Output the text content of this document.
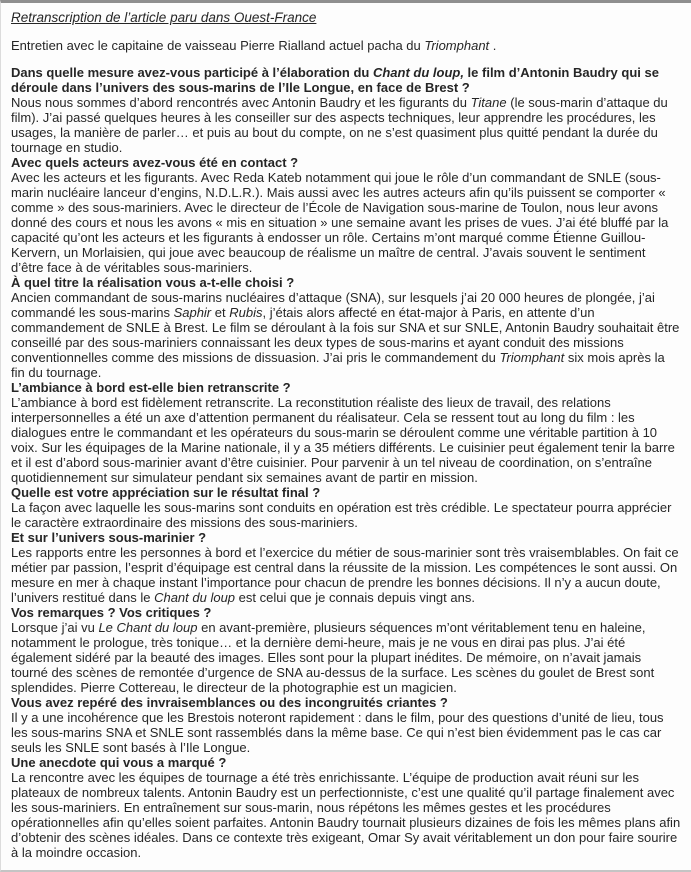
Retranscription de l’article paru dans Ouest-France

Entretien avec le capitaine de vaisseau Pierre Rialland actuel pacha du Triomphant .

Dans quelle mesure avez-vous participé à l’élaboration du Chant du loup, le film d’Antonin Baudry qui se déroule dans l’univers des sous-marins de l’Ile Longue, en face de Brest ?

Nous nous sommes d’abord rencontrés avec Antonin Baudry et les figurants du Titane (le sous-marin d’attaque du film). J’ai passé quelques heures à les conseiller sur des aspects techniques, leur apprendre les procédures, les usages, la manière de parler… et puis au bout du compte, on ne s’est quasiment plus quitté pendant la durée du tournage en studio.

Avec quels acteurs avez-vous été en contact ?

Avec les acteurs et les figurants. Avec Reda Kateb notamment qui joue le rôle d’un commandant de SNLE (sous-marin nucléaire lanceur d’engins, N.D.L.R.). Mais aussi avec les autres acteurs afin qu’ils puissent se comporter « comme » des sous-mariniers. Avec le directeur de l’École de Navigation sous-marine de Toulon, nous leur avons donné des cours et nous les avons « mis en situation » une semaine avant les prises de vues. J’ai été bluffé par la capacité qu’ont les acteurs et les figurants à endosser un rôle. Certains m’ont marqué comme Étienne Guillou-Kervern, un Morlaisien, qui joue avec beaucoup de réalisme un maître de central. J’avais souvent le sentiment d’être face à de véritables sous-mariniers.

À quel titre la réalisation vous a-t-elle choisi ?

Ancien commandant de sous-marins nucléaires d’attaque (SNA), sur lesquels j’ai 20 000 heures de plongée, j’ai commandé les sous-marins Saphir et Rubis, j’étais alors affecté en état-major à Paris, en attente d’un commandement de SNLE à Brest. Le film se déroulant à la fois sur SNA et sur SNLE, Antonin Baudry souhaitait être conseillé par des sous-mariniers connaissant les deux types de sous-marins et ayant conduit des missions conventionnelles comme des missions de dissuasion. J’ai pris le commandement du Triomphant six mois après la fin du tournage.

L’ambiance à bord est-elle bien retranscrite ?

L’ambiance à bord est fidèlement retranscrite. La reconstitution réaliste des lieux de travail, des relations interpersonnelles a été un axe d’attention permanent du réalisateur. Cela se ressent tout au long du film : les dialogues entre le commandant et les opérateurs du sous-marin se déroulent comme une véritable partition à 10 voix. Sur les équipages de la Marine nationale, il y a 35 métiers différents. Le cuisinier peut également tenir la barre et il est d’abord sous-marinier avant d’être cuisinier. Pour parvenir à un tel niveau de coordination, on s’entraîne quotidiennement sur simulateur pendant six semaines avant de partir en mission.

Quelle est votre appréciation sur le résultat final ?

La façon avec laquelle les sous-marins sont conduits en opération est très crédible. Le spectateur pourra apprécier le caractère extraordinaire des missions des sous-mariniers.

Et sur l’univers sous-marinier ?

Les rapports entre les personnes à bord et l’exercice du métier de sous-marinier sont très vraisemblables. On fait ce métier par passion, l’esprit d’équipage est central dans la réussite de la mission. Les compétences le sont aussi. On mesure en mer à chaque instant l’importance pour chacun de prendre les bonnes décisions. Il n’y a aucun doute, l’univers restitué dans le Chant du loup est celui que je connais depuis vingt ans.

Vos remarques ? Vos critiques ?

Lorsque j’ai vu Le Chant du loup en avant-première, plusieurs séquences m’ont véritablement tenu en haleine, notamment le prologue, très tonique… et la dernière demi-heure, mais je ne vous en dirai pas plus. J’ai été également sidéré par la beauté des images. Elles sont pour la plupart inédites. De mémoire, on n’avait jamais tourné des scènes de remontée d’urgence de SNA au-dessus de la surface. Les scènes du goulet de Brest sont splendides. Pierre Cottereau, le directeur de la photographie est un magicien.

Vous avez repéré des invraisemblances ou des incongruités criantes ?

Il y a une incohérence que les Brestois noteront rapidement : dans le film, pour des questions d’unité de lieu, tous les sous-marins SNA et SNLE sont rassemblés dans la même base. Ce qui n’est bien évidemment pas le cas car seuls les SNLE sont basés à l’Ile Longue.

Une anecdote qui vous a marqué ?

La rencontre avec les équipes de tournage a été très enrichissante. L’équipe de production avait réuni sur les plateaux de nombreux talents. Antonin Baudry est un perfectionniste, c’est une qualité qu’il partage finalement avec les sous-mariniers. En entraînement sur sous-marin, nous répétons les mêmes gestes et les procédures opérationnelles afin qu’elles soient parfaites. Antonin Baudry tournait plusieurs dizaines de fois les mêmes plans afin d’obtenir des scènes idéales. Dans ce contexte très exigeant, Omar Sy avait véritablement un don pour faire sourire à la moindre occasion.
